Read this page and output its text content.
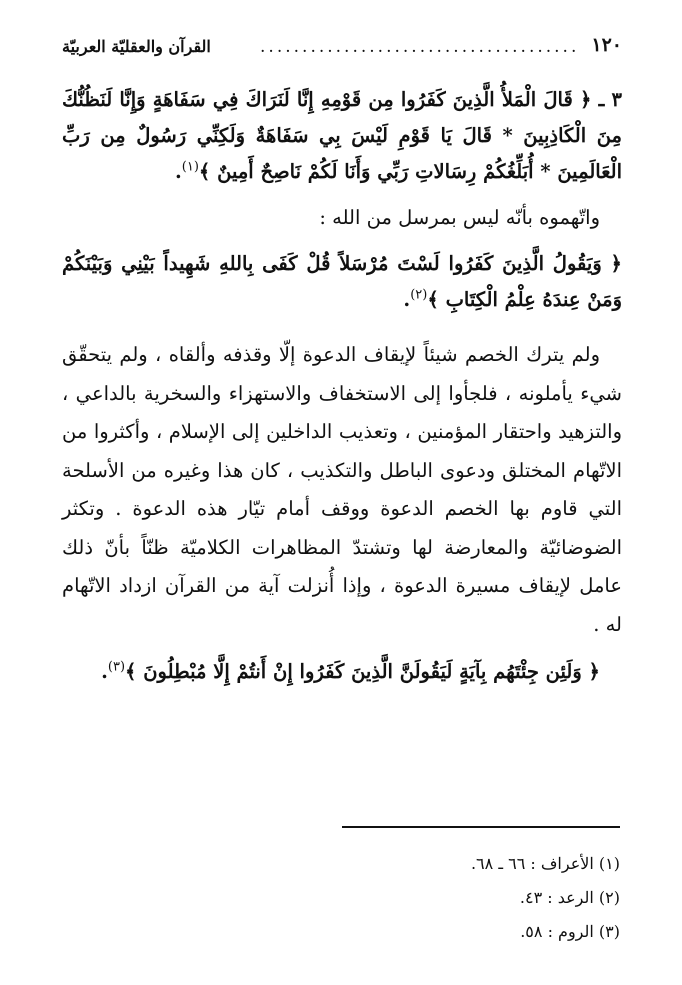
١٢٠
......................................
القرآن والعقليّة العربيّة

٣ ـ ﴿ قَالَ الْمَلأُ الَّذِينَ كَفَرُوا مِن قَوْمِهِ إِنَّا لَنَرَاكَ فِي سَفَاهَةٍ وَإِنَّا لَنَظُنُّكَ مِنَ الْكَاذِبِينَ * قَالَ يَا قَوْمِ لَيْسَ بِي سَفَاهَةٌ وَلَكِنِّي رَسُولٌ مِن رَبِّ الْعَالَمِينَ * أُبَلِّغُكُمْ رِسَالاتِ رَبِّي وَأَنَا لَكُمْ نَاصِحٌ أَمِينٌ ﴾$^{(١)}$.

واتّهموه بأنّه ليس بمرسل من الله :

﴿ وَيَقُولُ الَّذِينَ كَفَرُوا لَسْتَ مُرْسَلاً قُلْ كَفَى بِاللهِ شَهِيداً بَيْنِي وَبَيْنَكُمْ وَمَنْ عِندَهُ عِلْمُ الْكِتَابِ ﴾$^{(٢)}$.

ولم يترك الخصم شيئاً لإيقاف الدعوة إلّا وقذفه وألقاه ، ولم يتحقّق شيء يأملونه ، فلجأوا إلى الاستخفاف والاستهزاء والسخرية بالداعي ، والتزهيد واحتقار المؤمنين ، وتعذيب الداخلين إلى الإسلام ، وأكثروا من الاتّهام المختلق ودعوى الباطل والتكذيب ، كان هذا وغيره من الأسلحة التي قاوم بها الخصم الدعوة ووقف أمام تيّار هذه الدعوة . وتكثر الضوضائيّة والمعارضة لها وتشتدّ المظاهرات الكلاميّة ظنّاً بأنّ ذلك عامل لإيقاف مسيرة الدعوة ، وإذا أُنزلت آية من القرآن ازداد الاتّهام له .

﴿ وَلَئِن جِئْتَهُم بِآيَةٍ لَيَقُولَنَّ الَّذِينَ كَفَرُوا إِنْ أَنتُمْ إِلَّا مُبْطِلُونَ ﴾$^{(٣)}$.

(١) الأعراف : ٦٦ ـ ٦٨.
(٢) الرعد : ٤٣.
(٣) الروم : ٥٨.
